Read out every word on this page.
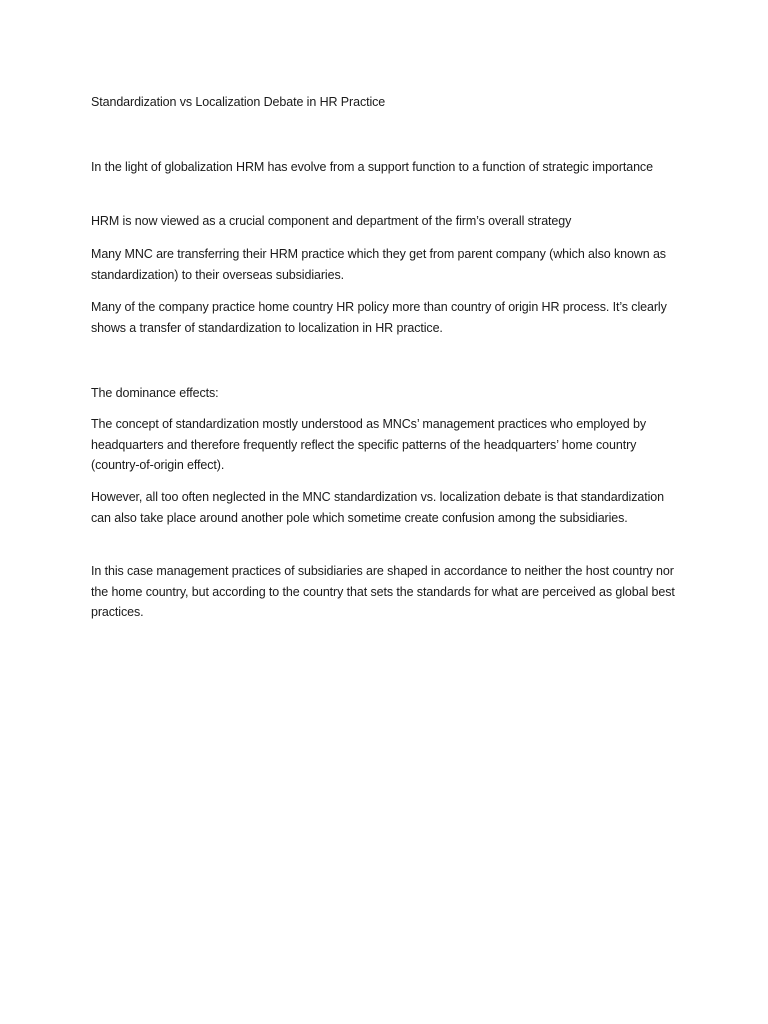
Standardization vs Localization Debate in HR Practice

In the light of globalization HRM has evolve from a support function to a function of strategic importance

HRM is now viewed as a crucial component and department of the firm’s overall strategy

Many MNC are transferring their HRM practice which they get from parent company (which also known as standardization) to their overseas subsidiaries.

Many of the company practice home country HR policy more than country of origin HR process. It’s clearly shows a transfer of standardization to localization in HR practice.

The dominance effects:

The concept of standardization mostly understood as MNCs’ management practices who employed by headquarters and therefore frequently reflect the specific patterns of the headquarters’ home country (country-of-origin effect).

However, all too often neglected in the MNC standardization vs. localization debate is that standardization can also take place around another pole which sometime create confusion among the subsidiaries.

In this case management practices of subsidiaries are shaped in accordance to neither the host country nor the home country, but according to the country that sets the standards for what are perceived as global best practices.
